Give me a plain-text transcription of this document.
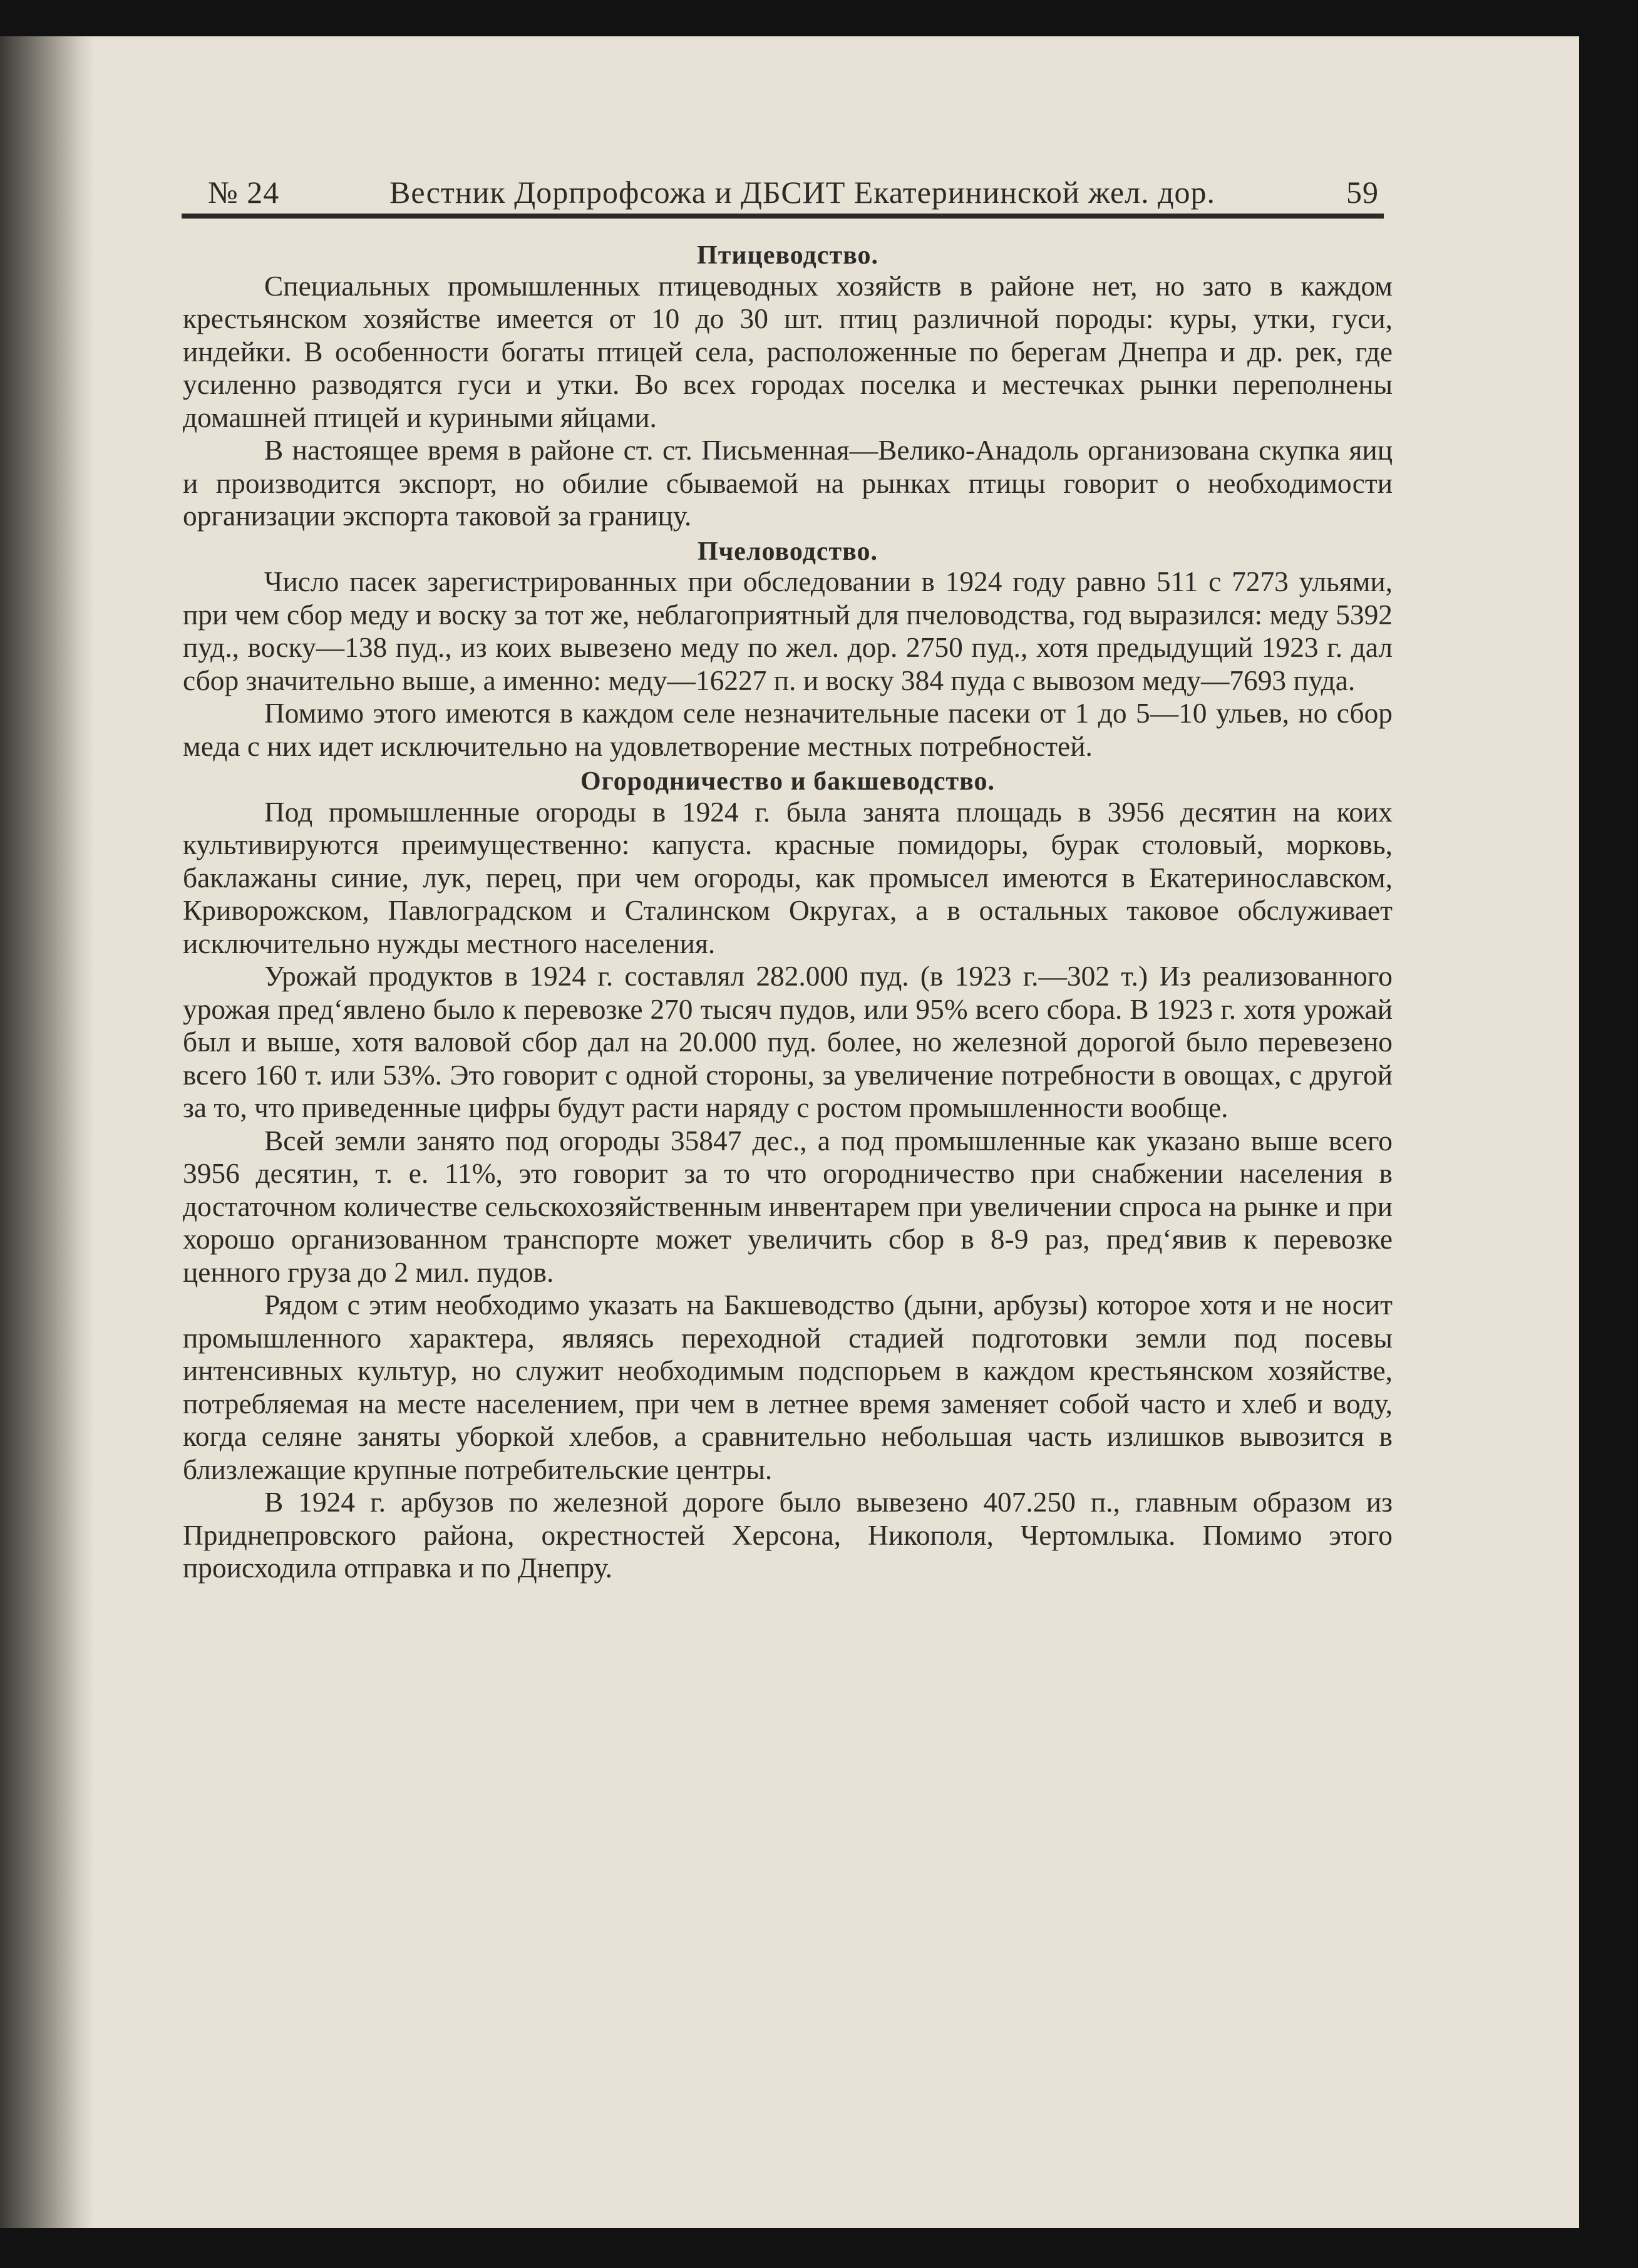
№ 24	Вестник Дорпрофсожа и ДБСИТ Екатерининской жел. дор.	59
Птицеводство.

Специальных промышленных птицеводных хозяйств в районе нет, но зато в каждом крестьянском хозяйстве имеется от 10 до 30 шт. птиц различной породы: куры, утки, гуси, индейки. В особенности богаты птицей села, расположенные по берегам Днепра и др. рек, где усиленно разводятся гуси и утки. Во всех городах поселка и местечках рынки переполнены домашней птицей и куриными яйцами.

В настоящее время в районе ст. ст. Письменная—Велико-Анадоль организована скупка яиц и производится экспорт, но обилие сбываемой на рынках птицы говорит о необходимости организации экспорта таковой за границу.

Пчеловодство.

Число пасек зарегистрированных при обследовании в 1924 году равно 511 с 7273 ульями, при чем сбор меду и воску за тот же, неблагоприятный для пчеловодства, год выразился: меду 5392 пуд., воску—138 пуд., из коих вывезено меду по жел. дор. 2750 пуд., хотя предыдущий 1923 г. дал сбор значительно выше, а именно: меду—16227 п. и воску 384 пуда с вывозом меду—7693 пуда.

Помимо этого имеются в каждом селе незначительные пасеки от 1 до 5—10 ульев, но сбор меда с них идет исключительно на удовлетворение местных потребностей.

Огородничество и бакшеводство.

Под промышленные огороды в 1924 г. была занята площадь в 3956 десятин на коих культивируются преимущественно: капуста. красные помидоры, бурак столовый, морковь, баклажаны синие, лук, перец, при чем огороды, как промысел имеются в Екатеринославском, Криворожском, Павлоградском и Сталинском Округах, а в остальных таковое обслуживает исключительно нужды местного населения.

Урожай продуктов в 1924 г. составлял 282.000 пуд. (в 1923 г.—302 т.) Из реализованного урожая пред‘явлено было к перевозке 270 тысяч пудов, или 95% всего сбора. В 1923 г. хотя урожай был и выше, хотя валовой сбор дал на 20.000 пуд. более, но железной дорогой было перевезено всего 160 т. или 53%. Это говорит с одной стороны, за увеличение потребности в овощах, с другой за то, что приведенные цифры будут расти наряду с ростом промышленности вообще.

Всей земли занято под огороды 35847 дес., а под промышленные как указано выше всего 3956 десятин, т. е. 11%, это говорит за то что огородничество при снабжении населения в достаточном количестве сельскохозяйственным инвентарем при увеличении спроса на рынке и при хорошо организованном транспорте может увеличить сбор в 8-9 раз, пред‘явив к перевозке ценного груза до 2 мил. пудов.

Рядом с этим необходимо указать на Бакшеводство (дыни, арбузы) которое хотя и не носит промышленного характера, являясь переходной стадией подготовки земли под посевы интенсивных культур, но служит необходимым подспорьем в каждом крестьянском хозяйстве, потребляемая на месте населением, при чем в летнее время заменяет собой часто и хлеб и воду, когда селяне заняты уборкой хлебов, а сравнительно небольшая часть излишков вывозится в близлежащие крупные потребительские центры.

В 1924 г. арбузов по железной дороге было вывезено 407.250 п., главным образом из Приднепровского района, окрестностей Херсона, Никополя, Чертомлыка. Помимо этого происходила отправка и по Днепру.
